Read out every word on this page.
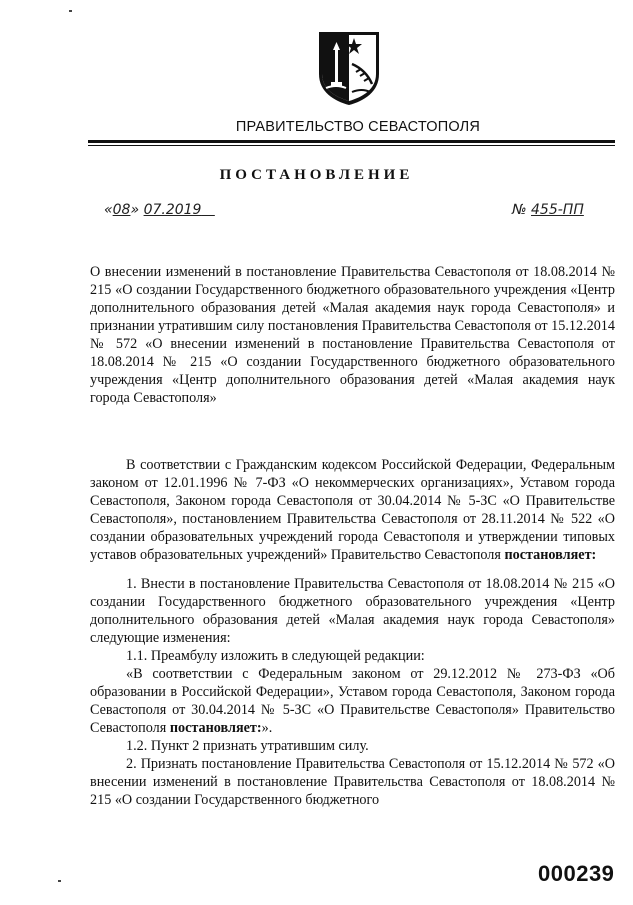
ПРАВИТЕЛЬСТВО СЕВАСТОПОЛЯ
ПОСТАНОВЛЕНИЕ
«08» 07.2019	№ 455-ПП
О внесении изменений в постановление Правительства Севастополя от 18.08.2014 № 215 «О создании Государственного бюджетного образовательного учреждения «Центр дополнительного образования детей «Малая академия наук города Севастополя» и признании утратившим силу постановления Правительства Севастополя от 15.12.2014 № 572 «О внесении изменений в постановление Правительства Севастополя от 18.08.2014 № 215 «О создании Государственного бюджетного образовательного учреждения «Центр дополнительного образования детей «Малая академия наук города Севастополя»

В соответствии с Гражданским кодексом Российской Федерации, Федеральным законом от 12.01.1996 № 7-ФЗ «О некоммерческих организациях», Уставом города Севастополя, Законом города Севастополя от 30.04.2014 № 5-ЗС «О Правительстве Севастополя», постановлением Правительства Севастополя от 28.11.2014 № 522 «О создании образовательных учреждений города Севастополя и утверждении типовых уставов образовательных учреждений» Правительство Севастополя постановляет:

1. Внести в постановление Правительства Севастополя от 18.08.2014 № 215 «О создании Государственного бюджетного образовательного учреждения «Центр дополнительного образования детей «Малая академия наук города Севастополя» следующие изменения:

1.1. Преамбулу изложить в следующей редакции:

«В соответствии с Федеральным законом от 29.12.2012 № 273-ФЗ «Об образовании в Российской Федерации», Уставом города Севастополя, Законом города Севастополя от 30.04.2014 № 5-ЗС «О Правительстве Севастополя» Правительство Севастополя постановляет:».

1.2. Пункт 2 признать утратившим силу.

2. Признать постановление Правительства Севастополя от 15.12.2014 № 572 «О внесении изменений в постановление Правительства Севастополя от 18.08.2014 № 215 «О создании Государственного бюджетного

000239
